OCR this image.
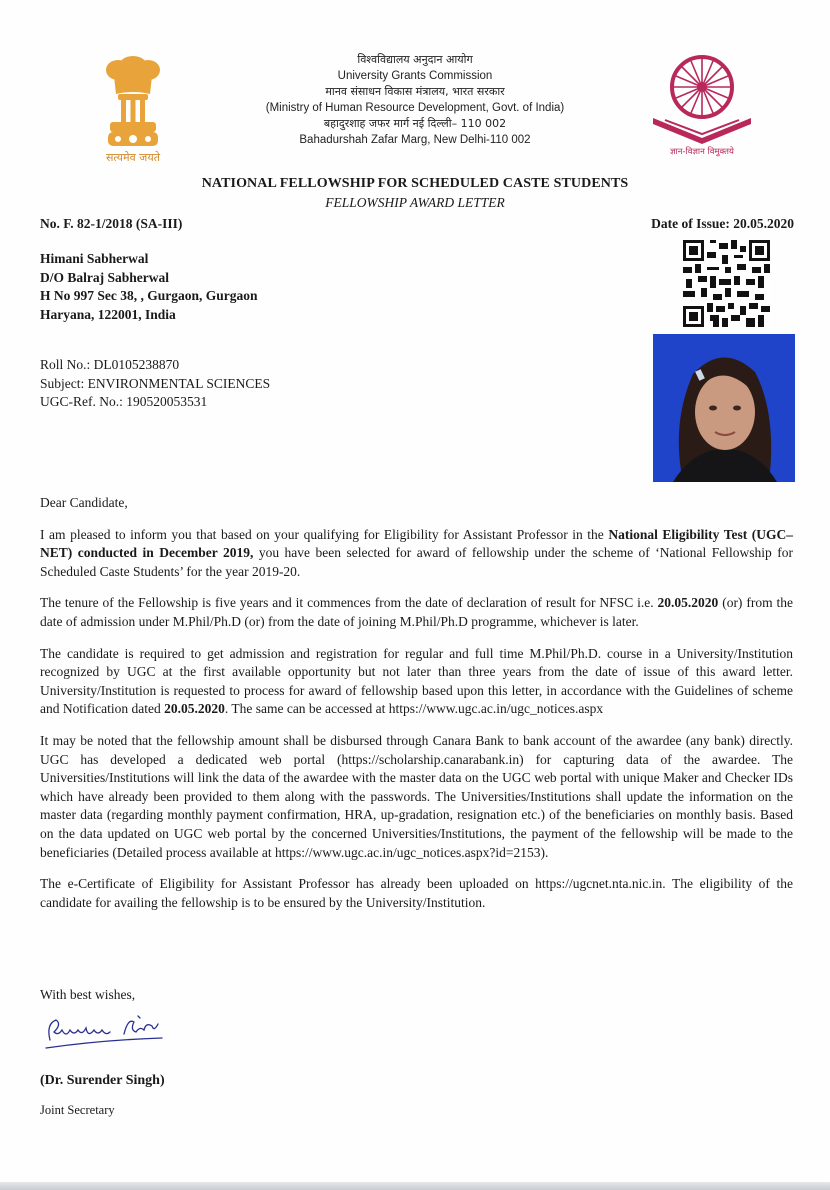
सत्यमेव जयते
विश्वविद्यालय अनुदान आयोग
University Grants Commission
मानव संसाधन विकास मंत्रालय, भारत सरकार
(Ministry of Human Resource Development, Govt. of India)
बहादुरशाह जफर मार्ग नई दिल्ली– 110 002
Bahadurshah Zafar Marg, New Delhi-110 002
ज्ञान-विज्ञान विमुक्तये
NATIONAL FELLOWSHIP FOR SCHEDULED CASTE STUDENTS
FELLOWSHIP AWARD LETTER
No. F. 82-1/2018 (SA-III)	Date of Issue: 20.05.2020
Himani Sabherwal
D/O Balraj Sabherwal
H No 997 Sec 38, , Gurgaon, Gurgaon
Haryana, 122001, India
Roll No.: DL0105238870
Subject: ENVIRONMENTAL SCIENCES
UGC-Ref. No.: 190520053531

Dear Candidate,

I am pleased to inform you that based on your qualifying for Eligibility for Assistant Professor in the National Eligibility Test (UGC–NET) conducted in December 2019, you have been selected for award of fellowship under the scheme of ‘National Fellowship for Scheduled Caste Students’ for the year 2019-20.

The tenure of the Fellowship is five years and it commences from the date of declaration of result for NFSC i.e. 20.05.2020 (or) from the date of admission under M.Phil/Ph.D (or) from the date of joining M.Phil/Ph.D programme, whichever is later.

The candidate is required to get admission and registration for regular and full time M.Phil/Ph.D. course in a University/Institution recognized by UGC at the first available opportunity but not later than three years from the date of issue of this award letter. University/Institution is requested to process for award of fellowship based upon this letter, in accordance with the Guidelines of scheme and Notification dated 20.05.2020. The same can be accessed at https://www.ugc.ac.in/ugc_notices.aspx

It may be noted that the fellowship amount shall be disbursed through Canara Bank to bank account of the awardee (any bank) directly. UGC has developed a dedicated web portal (https://scholarship.canarabank.in) for capturing data of the awardee. The Universities/Institutions will link the data of the awardee with the master data on the UGC web portal with unique Maker and Checker IDs which have already been provided to them along with the passwords. The Universities/Institutions shall update the information on the master data (regarding monthly payment confirmation, HRA, up-gradation, resignation etc.) of the beneficiaries on monthly basis. Based on the data updated on UGC web portal by the concerned Universities/Institutions, the payment of the fellowship will be made to the beneficiaries (Detailed process available at https://www.ugc.ac.in/ugc_notices.aspx?id=2153).

The e-Certificate of Eligibility for Assistant Professor has already been uploaded on https://ugcnet.nta.nic.in. The eligibility of the candidate for availing the fellowship is to be ensured by the University/Institution.

With best wishes,
(Dr. Surender Singh)
Joint Secretary
